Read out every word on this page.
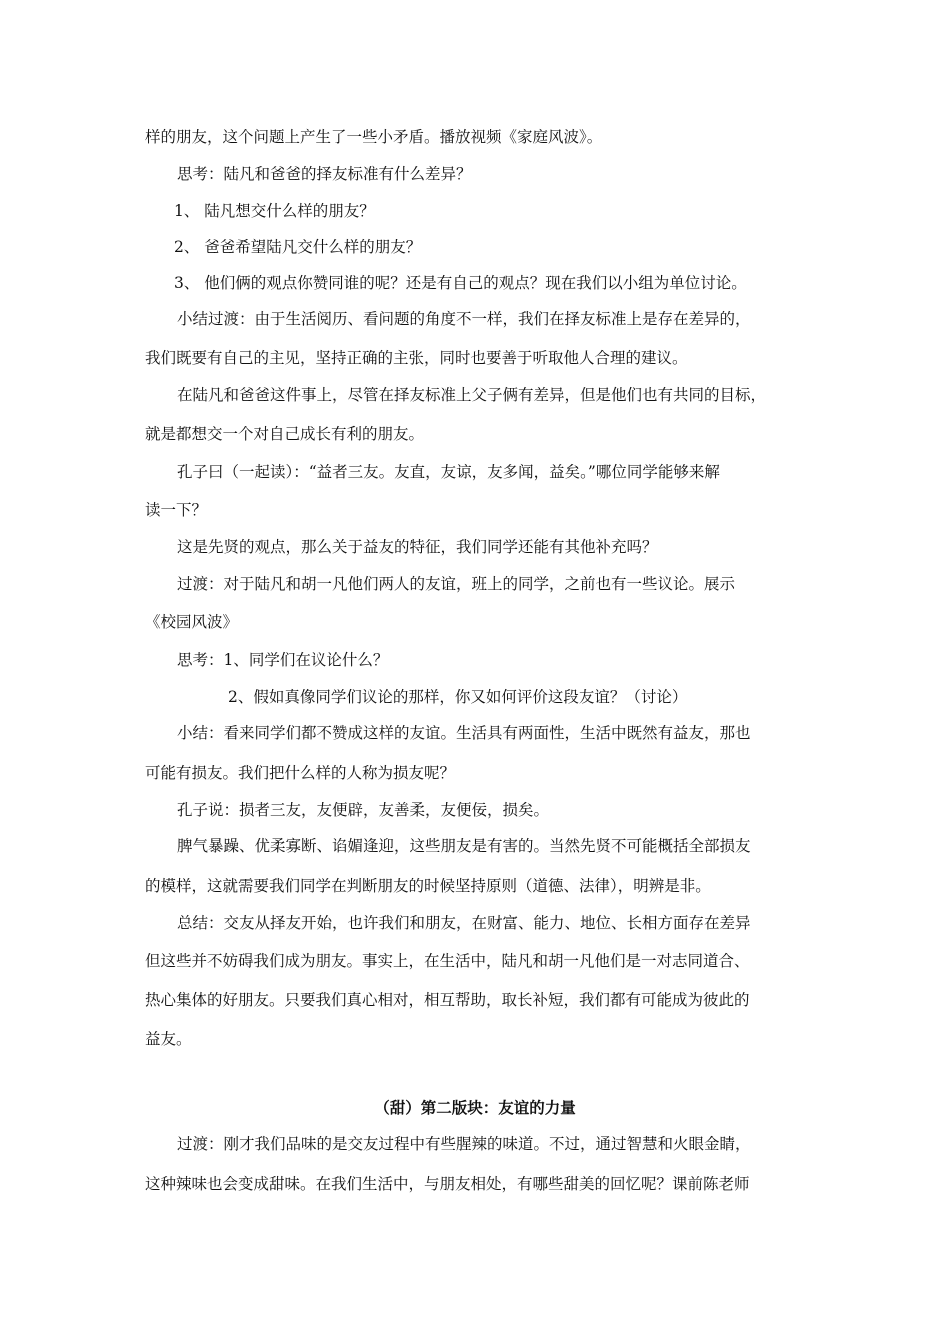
样的朋友，这个问题上产生了一些小矛盾。播放视频《家庭风波》。
思考：陆凡和爸爸的择友标准有什么差异？
1、 陆凡想交什么样的朋友？
2、 爸爸希望陆凡交什么样的朋友？
3、 他们俩的观点你赞同谁的呢？还是有自己的观点？现在我们以小组为单位讨论。
小结过渡：由于生活阅历、看问题的角度不一样，我们在择友标准上是存在差异的，
我们既要有自己的主见，坚持正确的主张，同时也要善于听取他人合理的建议。
在陆凡和爸爸这件事上，尽管在择友标准上父子俩有差异，但是他们也有共同的目标，
就是都想交一个对自己成长有利的朋友。
孔子曰（一起读）：“益者三友。友直，友谅，友多闻，益矣。”哪位同学能够来解
读一下？
这是先贤的观点，那么关于益友的特征，我们同学还能有其他补充吗？
过渡：对于陆凡和胡一凡他们两人的友谊，班上的同学，之前也有一些议论。展示
《校园风波》
思考：1、同学们在议论什么？
2、假如真像同学们议论的那样，你又如何评价这段友谊？（讨论）
小结：看来同学们都不赞成这样的友谊。生活具有两面性，生活中既然有益友，那也
可能有损友。我们把什么样的人称为损友呢？
孔子说：损者三友，友便辟，友善柔，友便佞，损矣。
脾气暴躁、优柔寡断、谄媚逢迎，这些朋友是有害的。当然先贤不可能概括全部损友
的模样，这就需要我们同学在判断朋友的时候坚持原则（道德、法律），明辨是非。
总结：交友从择友开始，也许我们和朋友，在财富、能力、地位、长相方面存在差异
但这些并不妨碍我们成为朋友。事实上，在生活中，陆凡和胡一凡他们是一对志同道合、
热心集体的好朋友。只要我们真心相对，相互帮助，取长补短，我们都有可能成为彼此的
益友。
（甜）第二版块：友谊的力量
过渡：刚才我们品味的是交友过程中有些腥辣的味道。不过，通过智慧和火眼金睛，
这种辣味也会变成甜味。在我们生活中，与朋友相处，有哪些甜美的回忆呢？课前陈老师
